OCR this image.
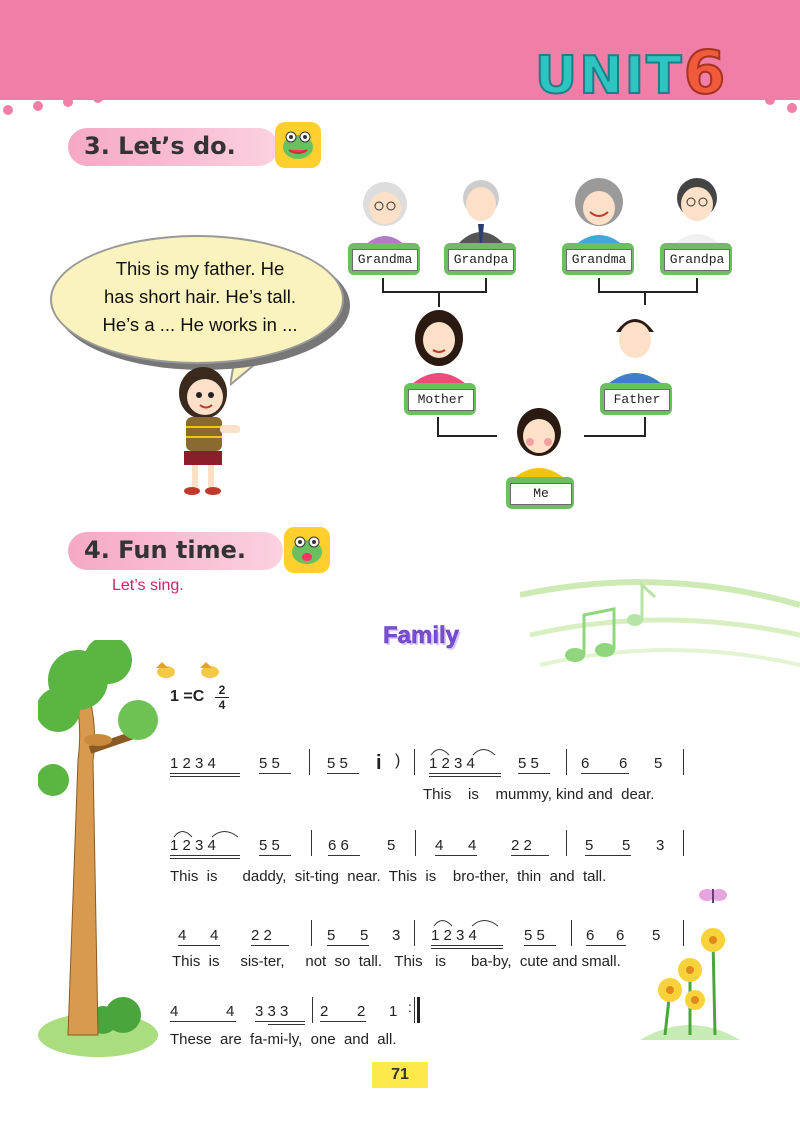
UNIT6
3. Let’s do.
This is my father. He
has short hair. He’s tall.
He’s a ... He works in ...
Grandma	Grandpa	Grandma	Grandpa
Mother	Father
Me
4. Fun time.
Let’s sing.
Family
1 =C	2
4
1 2 3 4	5 5	5 5 i ) 1 2 3 4	5 5	6 6 5
This    is    mummy, kind and  dear.
1 2 3 4	5 5	6 6	5	4 4 2 2	5 5 3
This  is      daddy,  sit-ting  near.  This  is    bro-ther,  thin  and  tall.
4 4 2 2	5 5 3 1 2 3 4	5 5	6 6 5
This  is     sis-ter,     not  so  tall.   This   is      ba-by,  cute and small.
4	4 3 3 3 2 2 1 :
These  are  fa-mi-ly,  one  and  all.
71
